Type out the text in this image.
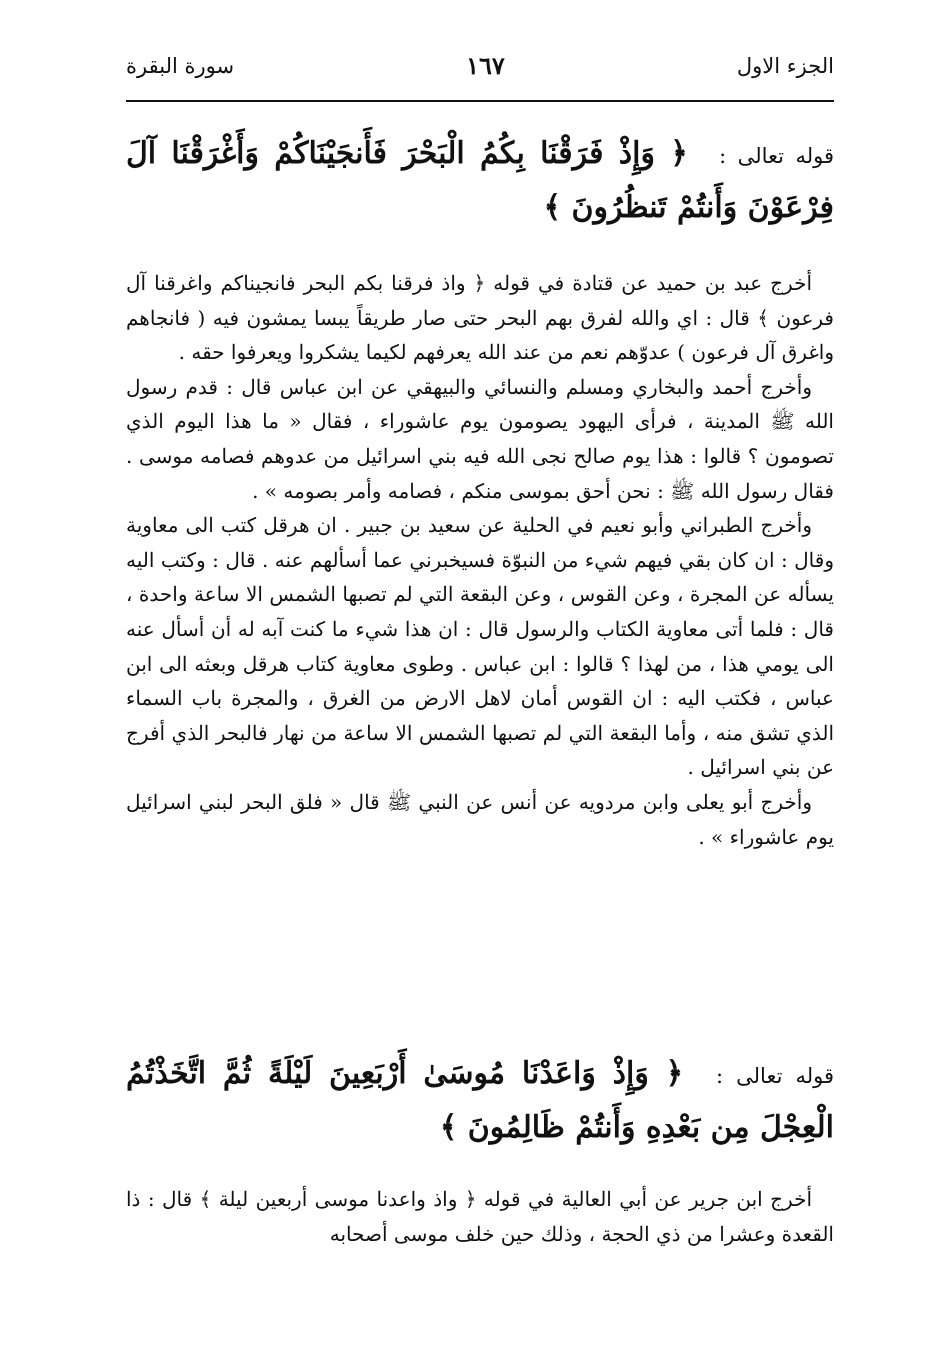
الجزء الاول
١٦٧
سورة البقرة

قوله تعالى : ﴿ وَإِذْ فَرَقْنَا بِكُمُ الْبَحْرَ فَأَنجَيْنَاكُمْ وَأَغْرَقْنَا آلَ فِرْعَوْنَ وَأَنتُمْ تَنظُرُونَ ﴾

أخرج عبد بن حميد عن قتادة في قوله ﴿ واذ فرقنا بكم البحر فانجيناكم واغرقنا آل فرعون ﴾ قال : اي والله لفرق بهم البحر حتى صار طريقاً يبسا يمشون فيه ( فانجاهم واغرق آل فرعون ) عدوّهم نعم من عند الله يعرفهم لكيما يشكروا ويعرفوا حقه .

وأخرج أحمد والبخاري ومسلم والنسائي والبيهقي عن ابن عباس قال : قدم رسول الله ﷺ المدينة ، فرأى اليهود يصومون يوم عاشوراء ، فقال « ما هذا اليوم الذي تصومون ؟ قالوا : هذا يوم صالح نجى الله فيه بني اسرائيل من عدوهم فصامه موسى . فقال رسول الله ﷺ : نحن أحق بموسى منكم ، فصامه وأمر بصومه » .

وأخرج الطبراني وأبو نعيم في الحلية عن سعيد بن جبير . ان هرقل كتب الى معاوية وقال : ان كان بقي فيهم شيء من النبوّة فسيخبرني عما أسألهم عنه . قال : وكتب اليه يسأله عن المجرة ، وعن القوس ، وعن البقعة التي لم تصبها الشمس الا ساعة واحدة ، قال : فلما أتى معاوية الكتاب والرسول قال : ان هذا شيء ما كنت آبه له أن أسأل عنه الى يومي هذا ، من لهذا ؟ قالوا : ابن عباس . وطوى معاوية كتاب هرقل وبعثه الى ابن عباس ، فكتب اليه : ان القوس أمان لاهل الارض من الغرق ، والمجرة باب السماء الذي تشق منه ، وأما البقعة التي لم تصبها الشمس الا ساعة من نهار فالبحر الذي أفرج عن بني اسرائيل .

وأخرج أبو يعلى وابن مردويه عن أنس عن النبي ﷺ قال « فلق البحر لبني اسرائيل يوم عاشوراء » .

قوله تعالى : ﴿ وَإِذْ وَاعَدْنَا مُوسَىٰ أَرْبَعِينَ لَيْلَةً ثُمَّ اتَّخَذْتُمُ الْعِجْلَ مِن بَعْدِهِ وَأَنتُمْ ظَالِمُونَ ﴾

أخرج ابن جرير عن أبي العالية في قوله ﴿ واذ واعدنا موسى أربعين ليلة ﴾ قال : ذا القعدة وعشرا من ذي الحجة ، وذلك حين خلف موسى أصحابه
